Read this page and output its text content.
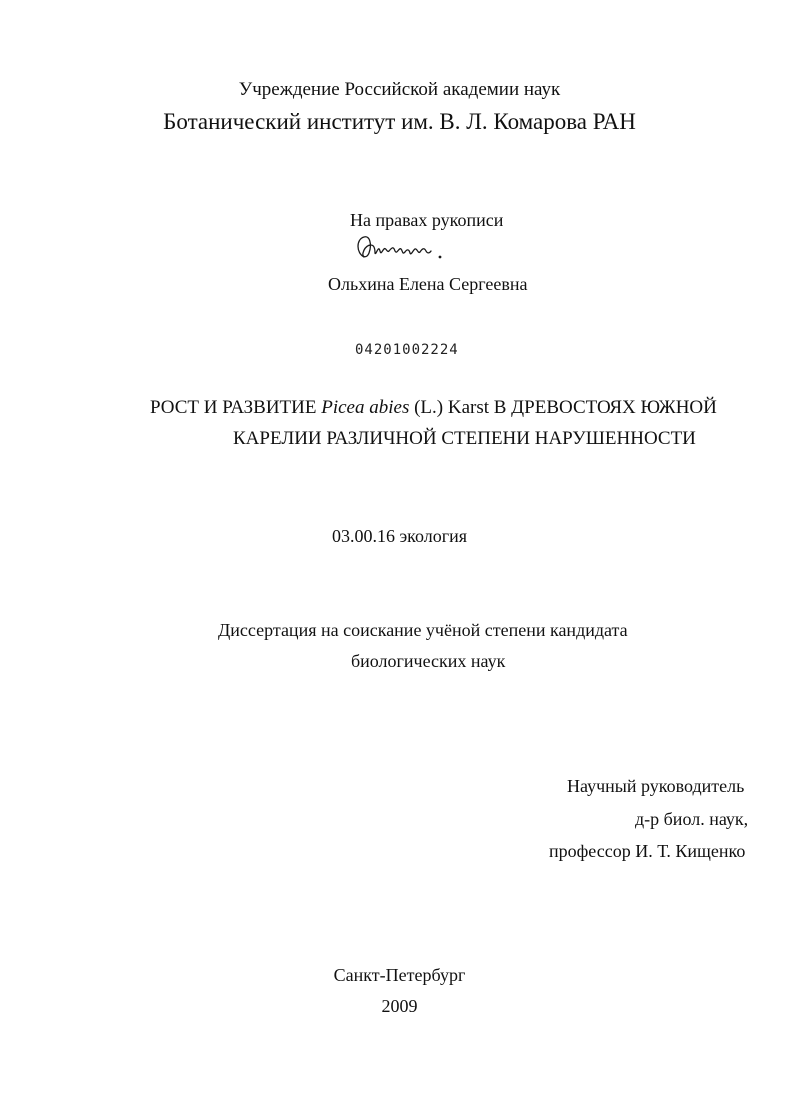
Учреждение Российской академии наук
Ботанический институт им. В. Л. Комарова РАН
На правах рукописи
Ольхина Елена Сергеевна
04201002224
РОСТ И РАЗВИТИЕ Picea abies (L.) Karst В ДРЕВОСТОЯХ ЮЖНОЙ
КАРЕЛИИ РАЗЛИЧНОЙ СТЕПЕНИ НАРУШЕННОСТИ
03.00.16 экология
Диссертация на соискание учёной степени кандидата
биологических наук
Научный руководитель
д-р биол. наук,
профессор И. Т. Кищенко
Санкт-Петербург
2009
